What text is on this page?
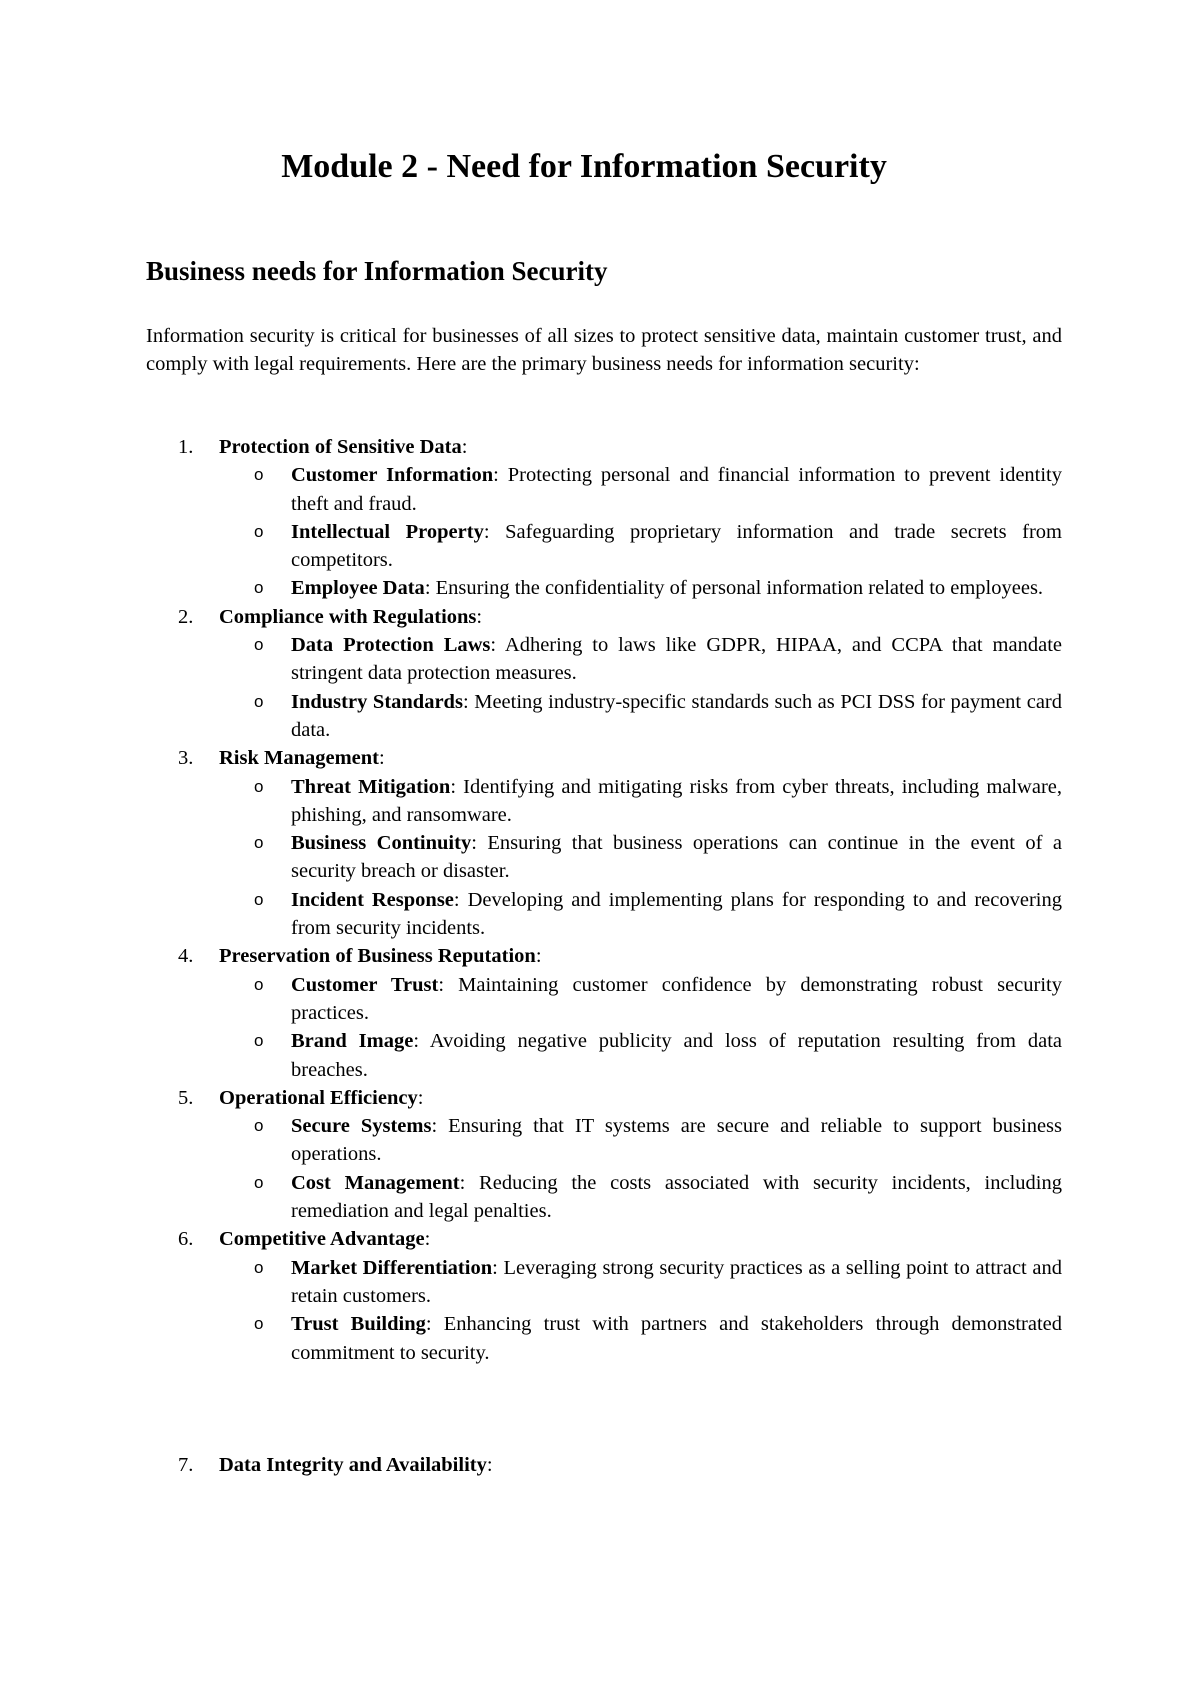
Module 2 - Need for Information Security
Business needs for Information Security

Information security is critical for businesses of all sizes to protect sensitive data, maintain customer trust, and comply with legal requirements. Here are the primary business needs for information security:

1.	Protection of Sensitive Data:
o Customer Information: Protecting personal and financial information to prevent identity theft and fraud.
o Intellectual Property: Safeguarding proprietary information and trade secrets from competitors.
o Employee Data: Ensuring the confidentiality of personal information related to employees.
2.	Compliance with Regulations:
o Data Protection Laws: Adhering to laws like GDPR, HIPAA, and CCPA that mandate stringent data protection measures.
o Industry Standards: Meeting industry-specific standards such as PCI DSS for payment card data.
3.	Risk Management:
o Threat Mitigation: Identifying and mitigating risks from cyber threats, including malware, phishing, and ransomware.
o Business Continuity: Ensuring that business operations can continue in the event of a security breach or disaster.
o Incident Response: Developing and implementing plans for responding to and recovering from security incidents.
4.	Preservation of Business Reputation:
o Customer Trust: Maintaining customer confidence by demonstrating robust security practices.
o Brand Image: Avoiding negative publicity and loss of reputation resulting from data breaches.
5.	Operational Efficiency:
o Secure Systems: Ensuring that IT systems are secure and reliable to support business operations.
o Cost Management: Reducing the costs associated with security incidents, including remediation and legal penalties.
6.	Competitive Advantage:
o Market Differentiation: Leveraging strong security practices as a selling point to attract and retain customers.
o Trust Building: Enhancing trust with partners and stakeholders through demonstrated commitment to security.
7.	Data Integrity and Availability:
